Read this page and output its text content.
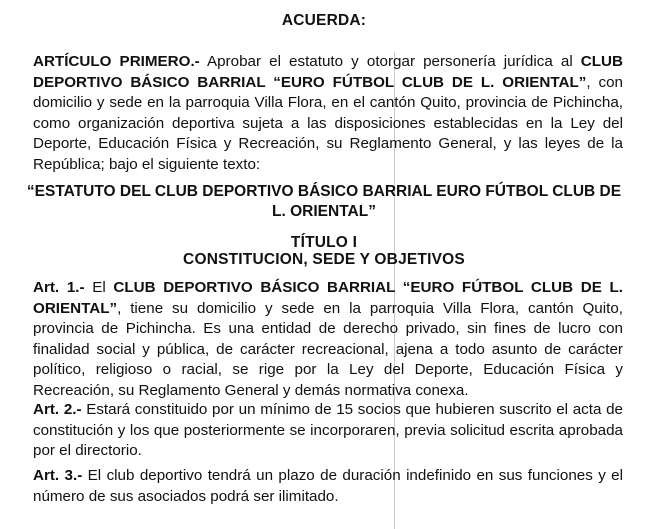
ACUERDA:
ARTÍCULO PRIMERO.- Aprobar el estatuto y otorgar personería jurídica al CLUB DEPORTIVO BÁSICO BARRIAL “EURO FÚTBOL CLUB DE L. ORIENTAL”, con domicilio y sede en la parroquia Villa Flora, en el cantón Quito, provincia de Pichincha, como organización deportiva sujeta a las disposiciones establecidas en la Ley del Deporte, Educación Física y Recreación, su Reglamento General, y las leyes de la República; bajo el siguiente texto:
“ESTATUTO DEL CLUB DEPORTIVO BÁSICO BARRIAL EURO FÚTBOL CLUB DE L. ORIENTAL”
TÍTULO I
CONSTITUCION, SEDE Y OBJETIVOS
Art. 1.- El CLUB DEPORTIVO BÁSICO BARRIAL “EURO FÚTBOL CLUB DE L. ORIENTAL”, tiene su domicilio y sede en la parroquia Villa Flora, cantón Quito, provincia de Pichincha. Es una entidad de derecho privado, sin fines de lucro con finalidad social y pública, de carácter recreacional, ajena a todo asunto de carácter político, religioso o racial, se rige por la Ley del Deporte, Educación Física y Recreación, su Reglamento General y demás normativa conexa.
Art. 2.- Estará constituido por un mínimo de 15 socios que hubieren suscrito el acta de constitución y los que posteriormente se incorporaren, previa solicitud escrita aprobada por el directorio.
Art. 3.- El club deportivo tendrá un plazo de duración indefinido en sus funciones y el número de sus asociados podrá ser ilimitado.
